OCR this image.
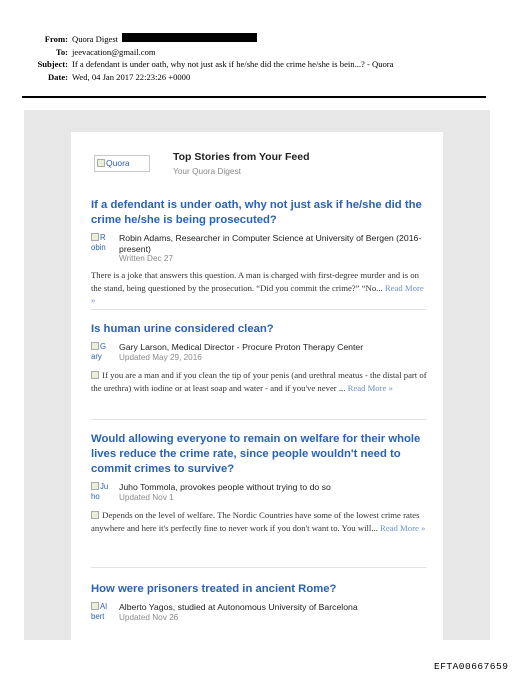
From: Quora Digest
To: jeevacation@gmail.com
Subject: If a defendant is under oath, why not just ask if he/she did the crime he/she is bein...? - Quora
Date: Wed, 04 Jan 2017 22:23:26 +0000
Quora	Top Stories from Your Feed
Your Quora Digest
If a defendant is under oath, why not just ask if he/she did the crime he/she is being prosecuted?
R obin
Robin Adams, Researcher in Computer Science at University of Bergen (2016-present)
Written Dec 27
There is a joke that answers this question. A man is charged with first-degree murder and is on the stand, being questioned by the prosecution. “Did you commit the crime?” “No... Read More »
Is human urine considered clean?
G ary
Gary Larson, Medical Director - Procure Proton Therapy Center
Updated May 29, 2016
If you are a man and if you clean the tip of your penis (and urethral meatus - the distal part of the urethra) with iodine or at least soap and water - and if you've never ... Read More »
Would allowing everyone to remain on welfare for their whole lives reduce the crime rate, since people wouldn't need to commit crimes to survive?
Ju ho
Juho Tommola, provokes people without trying to do so
Updated Nov 1
Depends on the level of welfare. The Nordic Countries have some of the lowest crime rates anywhere and here it's perfectly fine to never work if you don't want to. You will... Read More »
How were prisoners treated in ancient Rome?
Al bert
Alberto Yagos, studied at Autonomous University of Barcelona
Updated Nov 26
EFTA00667659
